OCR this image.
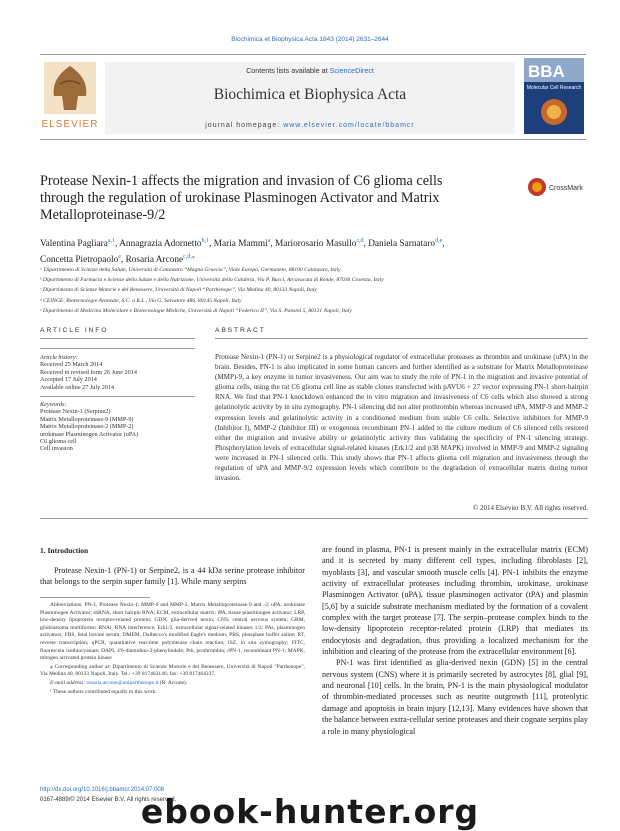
Biochimica et Biophysica Acta 1843 (2014) 2631–2644
ELSEVIER
Contents lists available at ScienceDirect
Biochimica et Biophysica Acta
journal homepage: www.elsevier.com/locate/bbamcr
BBA
Molecular Cell Research
Protease Nexin-1 affects the migration and invasion of C6 glioma cells through the regulation of urokinase Plasminogen Activator and Matrix Metalloproteinase-9/2
CrossMark
Valentina Pagliara$^{a,1}$, Annagrazia Adornetto$^{b,1}$, Maria Mammì$^a$, Mariorosario Masullo$^{c,d}$, Daniela Sarnataro$^{d,e}$,
Concetta Pietropaolo$^e$, Rosaria Arcone$^{c,d,⁎}$
ᵃ Dipartimento di Scienze della Salute, Università di Catanzaro “Magna Graecia”, Viale Europa, Germaneto, 88100 Catanzaro, Italy
ᵇ Dipartimento di Farmacia e Scienze della Salute e della Nutrizione, Università della Calabria, Via P. Bucci, Arcavacata di Rende, 87036 Cosenza, Italy
ᶜ Dipartimento di Scienze Motorie e del Benessere, Università di Napoli “Parthenope”, Via Medina 40, 80133 Napoli, Italy
ᵈ CEINGE, Biotecnologie Avanzate, S.C. a R.L., Via G. Salvatore 486, 80145 Napoli, Italy
ᵉ Dipartimento di Medicina Molecolare e Biotecnologie Mediche, Università di Napoli “Federico II”, Via S. Pansini 5, 80131 Napoli, Italy
ARTICLE INFO	ABSTRACT
Article history:
Received 25 March 2014
Received in revised form 26 June 2014
Accepted 17 July 2014
Available online 27 July 2014
Keywords:
Protease Nexin-1 (Serpine2)
Matrix Metalloproteinase-9 (MMP-9)
Matrix Metalloproteinase-2 (MMP-2)
urokinase Plasminogen Activator (uPA)
C6 glioma cell
Cell invasion
Protease Nexin-1 (PN-1) or Serpine2 is a physiological regulator of extracellular proteases as thrombin and urokinase (uPA) in the brain. Besides, PN-1 is also implicated in some human cancers and further identified as a substrate for Matrix Metalloproteinase (MMP)-9, a key enzyme in tumor invasiveness. Our aim was to study the role of PN-1 in the migration and invasive potential of glioma cells, using the rat C6 glioma cell line as stable clones transfected with pAVU6 + 27 vector expressing PN-1 short-hairpin RNA. We find that PN-1 knockdown enhanced the in vitro migration and invasiveness of C6 cells which also showed a strong gelatinolytic activity by in situ zymography. PN-1 silencing did not alter prothrombin whereas increased uPA, MMP-9 and MMP-2 expression levels and gelatinolytic activity in a conditioned medium from stable C6 cells. Selective inhibitors for MMP-9 (Inhibitor I), MMP-2 (Inhibitor III) or exogenous recombinant PN-1 added to the culture medium of C6 silenced cells restored either the migration and invasive ability or gelatinolytic activity thus validating the specificity of PN-1 silencing strategy. Phosphorylation levels of extracellular signal-related kinases (Erk1/2 and p38 MAPK) involved in MMP-9 and MMP-2 signaling were increased in PN-1 silenced cells. This study shows that PN-1 affects glioma cell migration and invasiveness through the regulation of uPA and MMP-9/2 expression levels which contribute to the degradation of extracellular matrix during tumor invasion.
© 2014 Elsevier B.V. All rights reserved.
1. Introduction
Protease Nexin-1 (PN-1) or Serpine2, is a 44 kDa serine protease inhibitor that belongs to the serpin super family [1]. While many serpins

Abbreviations: PN-1, Protease Nexin-1; MMP-9 and MMP-2, Matrix Metalloproteinase-9 and -2; uPA, urokinase Plasminogen Activator; shRNA, short hairpin RNA; ECM, extracellular matrix; tPA, tissue plasminogen activator; LRP, low-density lipoprotein receptor-related protein; GDN, glia-derived nexin; CNS, central nervous system; GBM, glioblastoma multiforme; RNAi, RNA interference; Erk1/2, extracellular signal-related kinases 1/2; PAs, plasminogen activators; FBS, fetal bovine serum; DMEM, Dulbecco's modified Eagle's medium; PBS, phosphate buffer saline; RT, reverse transcription; qPCR, quantitative real-time polymerase chain reaction; ISZ, in situ zymography; FITC, fluorescein isothiocyanate; DAPI, 4′6-diamidino-2-phenylindole; Pth, prothrombin; rPN-1, recombinant PN-1; MAPK, mitogen activated protein kinase

⁎ Corresponding author at: Dipartimento di Scienze Motorie e del Benessere, Università di Napoli "Parthenope", Via Medina 40, 80133 Napoli, Italy. Tel.: +39 817463146; fax: +39 817464237.

E-mail address: rosaria.arcone@uniparthenope.it (R. Arcone).

¹ These authors contributed equally to this work.

are found in plasma, PN-1 is present mainly in the extracellular matrix (ECM) and it is secreted by many different cell types, including fibroblasts [2], myoblasts [3], and vascular smooth muscle cells [4]. PN-1 inhibits the enzyme activity of extracellular proteases including thrombin, urokinase, urokinase Plasminogen Activator (uPA), tissue plasminogen activator (tPA) and plasmin [5,6] by a suicide substrate mechanism mediated by the formation of a covalent complex with the target protease [7]. The serpin–protease complex binds to the low-density lipoprotein receptor-related protein (LRP) that mediates its endocytosis and degradation, thus providing a localized mechanism for the inhibition and clearing of the protease from the extracellular environment [6].

PN-1 was first identified as glia-derived nexin (GDN) [5] in the central nervous system (CNS) where it is primarily secreted by astrocytes [8], glial [9], and neuronal [10] cells. In the brain, PN-1 is the main physiological modulator of thrombin-mediated processes such as neurite outgrowth [11], proteolytic damage and apoptosis in brain injury [12,13]. Many evidences have shown that the balance between extra-cellular serine proteases and their cognate serpins play a role in many physiological

http://dx.doi.org/10.1016/j.bbamcr.2014.07.008
0167-4889/© 2014 Elsevier B.V. All rights reserved.
ebook-hunter.org
